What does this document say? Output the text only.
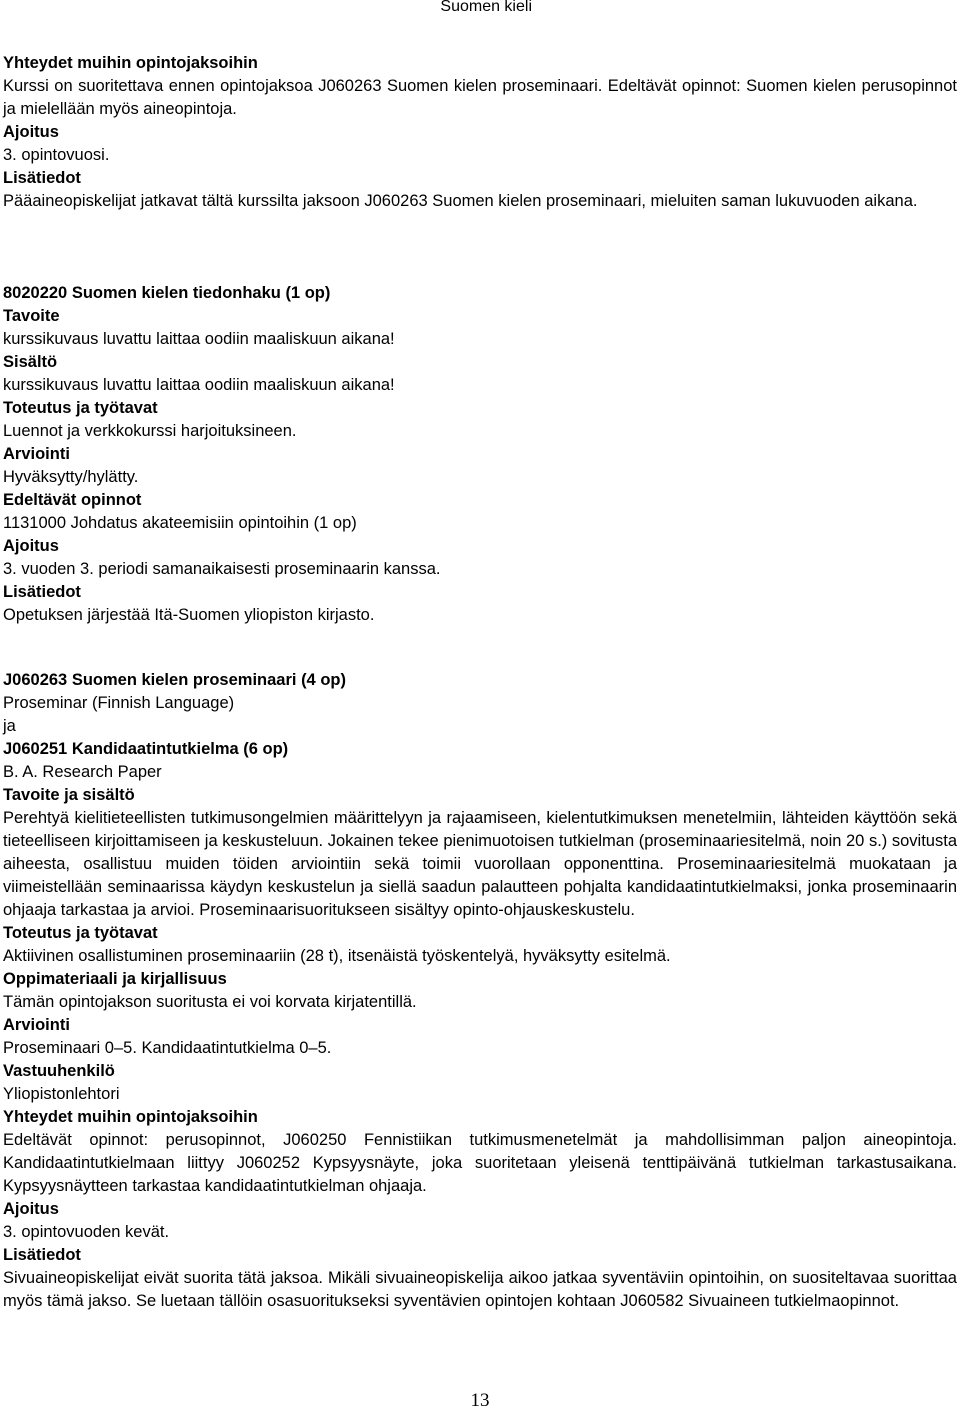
Suomen kieli
Yhteydet muihin opintojaksoihin
Kurssi on suoritettava ennen opintojaksoa J060263 Suomen kielen proseminaari. Edeltävät opinnot: Suomen kielen perusopinnot ja mielellään myös aineopintoja.
Ajoitus
3. opintovuosi.
Lisätiedot
Pääaineopiskelijat jatkavat tältä kurssilta jaksoon J060263 Suomen kielen proseminaari, mieluiten saman lukuvuoden aikana.
8020220 Suomen kielen tiedonhaku (1 op)
Tavoite
kurssikuvaus luvattu laittaa oodiin maaliskuun aikana!
Sisältö
kurssikuvaus luvattu laittaa oodiin maaliskuun aikana!
Toteutus ja työtavat
Luennot ja verkkokurssi harjoituksineen.
Arviointi
Hyväksytty/hylätty.
Edeltävät opinnot
1131000 Johdatus akateemisiin opintoihin (1 op)
Ajoitus
3. vuoden 3. periodi samanaikaisesti proseminaarin kanssa.
Lisätiedot
Opetuksen järjestää Itä-Suomen yliopiston kirjasto.
J060263 Suomen kielen proseminaari (4 op)
Proseminar (Finnish Language)
ja
J060251 Kandidaatintutkielma (6 op)
B. A. Research Paper
Tavoite ja sisältö
Perehtyä kielitieteellisten tutkimusongelmien määrittelyyn ja rajaamiseen, kielentutkimuksen menetelmiin, lähteiden käyttöön sekä tieteelliseen kirjoittamiseen ja keskusteluun. Jokainen tekee pienimuotoisen tutkielman (proseminaariesitelmä, noin 20 s.) sovitusta aiheesta, osallistuu muiden töiden arviointiin sekä toimii vuorollaan opponenttina. Proseminaariesitelmä muokataan ja viimeistellään seminaarissa käydyn keskustelun ja siellä saadun palautteen pohjalta kandidaatintutkielmaksi, jonka proseminaarin ohjaaja tarkastaa ja arvioi. Proseminaarisuoritukseen sisältyy opinto-ohjauskeskustelu.
Toteutus ja työtavat
Aktiivinen osallistuminen proseminaariin (28 t), itsenäistä työskentelyä, hyväksytty esitelmä.
Oppimateriaali ja kirjallisuus
Tämän opintojakson suoritusta ei voi korvata kirjatentillä.
Arviointi
Proseminaari 0–5. Kandidaatintutkielma 0–5.
Vastuuhenkilö
Yliopistonlehtori
Yhteydet muihin opintojaksoihin
Edeltävät opinnot: perusopinnot, J060250 Fennistiikan tutkimusmenetelmät ja mahdollisimman paljon aineopintoja. Kandidaatintutkielmaan liittyy J060252 Kypsyysnäyte, joka suoritetaan yleisenä tenttipäivänä tutkielman tarkastusaikana. Kypsyysnäytteen tarkastaa kandidaatintutkielman ohjaaja.
Ajoitus
3. opintovuoden kevät.
Lisätiedot
Sivuaineopiskelijat eivät suorita tätä jaksoa. Mikäli sivuaineopiskelija aikoo jatkaa syventäviin opintoihin, on suositeltavaa suorittaa myös tämä jakso. Se luetaan tällöin osasuoritukseksi syventävien opintojen kohtaan J060582 Sivuaineen tutkielmaopinnot.
13
